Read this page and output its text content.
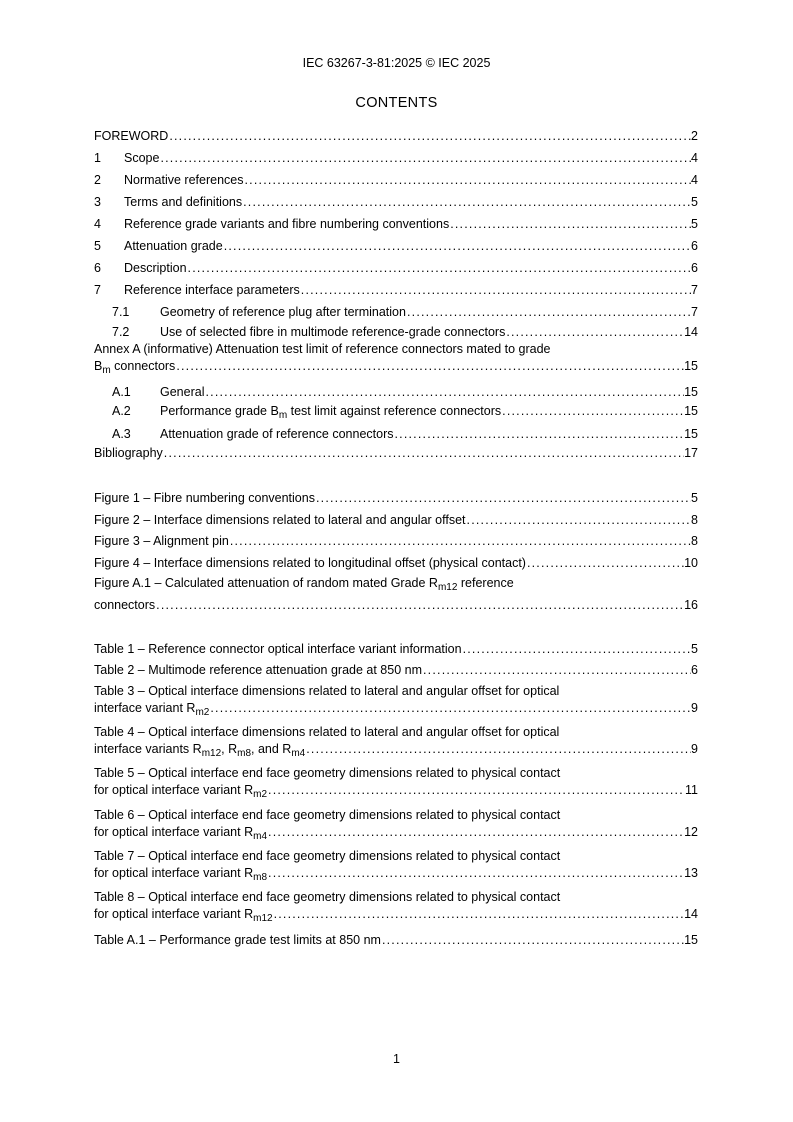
IEC 63267-3-81:2025 © IEC 2025
CONTENTS
FOREWORD .....	2
1	Scope .....	4
2	Normative references .....	4
3	Terms and definitions .....	5
4	Reference grade variants and fibre numbering conventions .....	5
5	Attenuation grade .....	6
6	Description .....	6
7	Reference interface parameters .....	7
7.1	Geometry of reference plug after termination .....	7
7.2	Use of selected fibre in multimode reference-grade connectors .....	14
Annex A (informative) Attenuation test limit of reference connectors mated to grade
$B_m$ connectors .....	15
A.1	General .....	15
A.2	Performance grade $B_m$ test limit against reference connectors .....	15
A.3	Attenuation grade of reference connectors .....	15
Bibliography .....	17
Figure 1 – Fibre numbering conventions .....	5
Figure 2 – Interface dimensions related to lateral and angular offset .....	8
Figure 3 – Alignment pin .....	8
Figure 4 – Interface dimensions related to longitudinal offset (physical contact) .....	10
Figure A.1 – Calculated attenuation of random mated Grade $R_{m12}$ reference
connectors .....	16
Table 1 – Reference connector optical interface variant information .....	5
Table 2 – Multimode reference attenuation grade at 850 nm .....	6
Table 3 – Optical interface dimensions related to lateral and angular offset for optical
interface variant $R_{m2}$ .....	9
Table 4 – Optical interface dimensions related to lateral and angular offset for optical
interface variants $R_{m12}$, $R_{m8}$, and $R_{m4}$ .....	9
Table 5 – Optical interface end face geometry dimensions related to physical contact
for optical interface variant $R_{m2}$ .....	11
Table 6 – Optical interface end face geometry dimensions related to physical contact
for optical interface variant $R_{m4}$ .....	12
Table 7 – Optical interface end face geometry dimensions related to physical contact
for optical interface variant $R_{m8}$ .....	13
Table 8 – Optical interface end face geometry dimensions related to physical contact
for optical interface variant $R_{m12}$ .....	14
Table A.1 – Performance grade test limits at 850 nm .....	15
1
